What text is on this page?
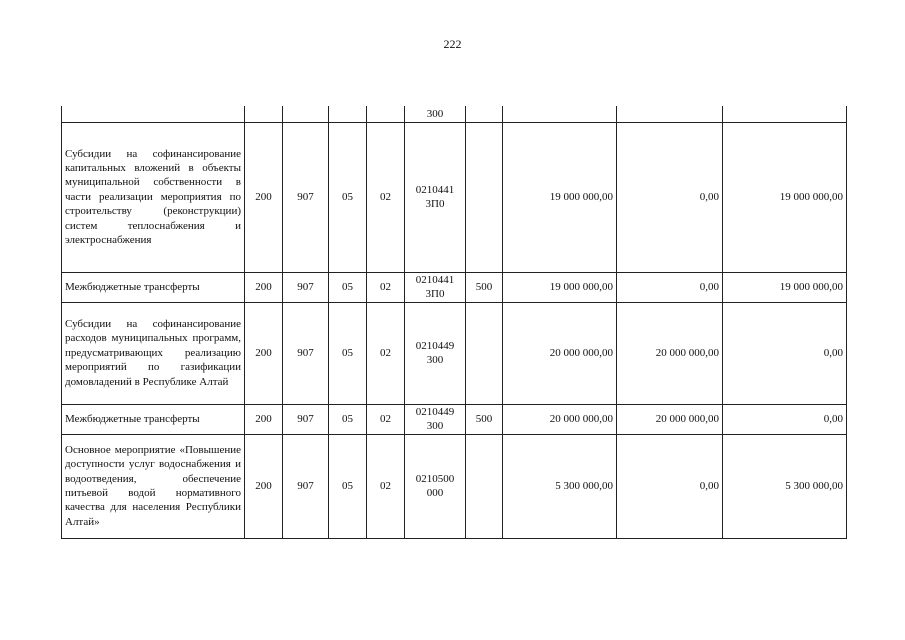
222

					300				

Субсидии на софинансирование капитальных вложений в объекты муниципальной собственности в части реализации мероприятия по строительству (реконструкции) систем теплоснабжения и электроснабжения	200	907	05	02	0210441
3П0		19 000 000,00	0,00	19 000 000,00
Межбюджетные трансферты	200	907	05	02	0210441
3П0	500	19 000 000,00	0,00	19 000 000,00
Субсидии на софинансирование расходов муниципальных программ, предусматривающих реализацию мероприятий по газификации домовладений в Республике Алтай	200	907	05	02	0210449
300		20 000 000,00	20 000 000,00	0,00
Межбюджетные трансферты	200	907	05	02	0210449
300	500	20 000 000,00	20 000 000,00	0,00
Основное мероприятие «Повышение доступности услуг водоснабжения и водоотведения, обеспечение питьевой водой нормативного качества для населения Республики Алтай»	200	907	05	02	0210500
000		5 300 000,00	0,00	5 300 000,00
